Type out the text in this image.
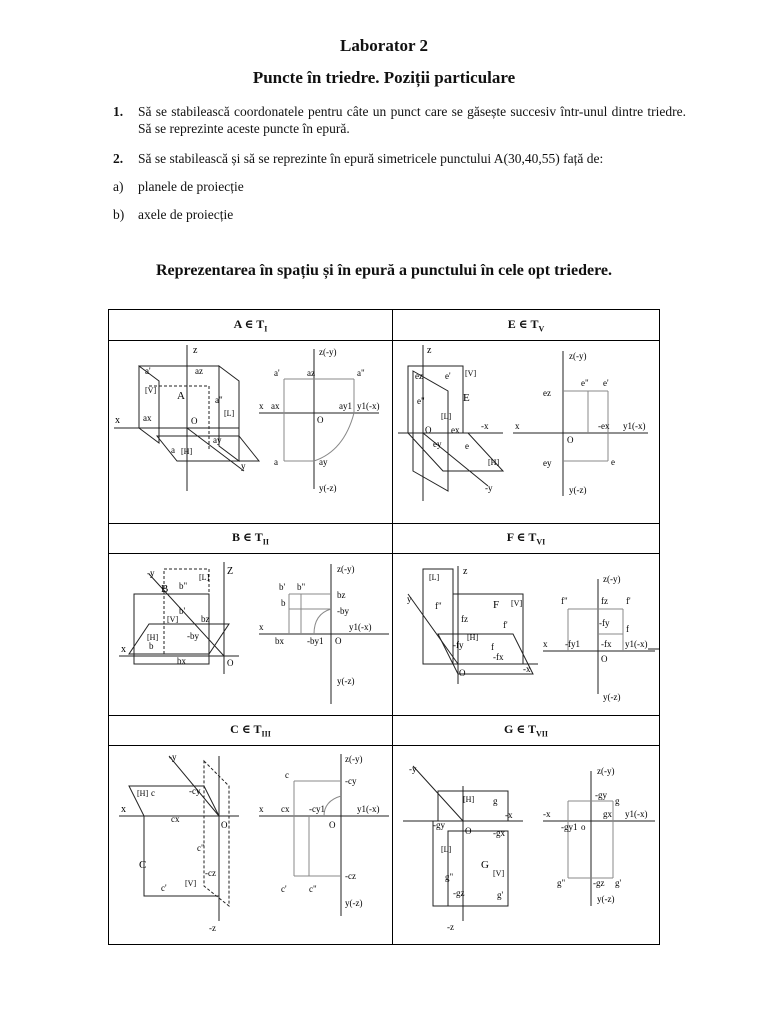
Laborator 2
Puncte în triedre. Poziții particulare
1. Să se stabilească coordonatele pentru câte un punct care se găsește succesiv într-unul dintre triedre. Să se reprezinte aceste puncte în epură.
2. Să se stabilească și să se reprezinte în epură simetricele punctului A(30,40,55) față de:
a) planele de proiecție
b) axele de proiecție
Reprezentarea în spațiu și în epură a punctului în cele opt triedere.
A ∈ $T_I$	E ∈ $T_V$
B ∈ $T_{II}$	F ∈ $T_{VI}$
C ∈ $T_{III}$	G ∈ $T_{VII}$
z
x
y
A
[V]
[H]
[L]
O
a'	az
a"
ax
ay
a
z(-y)
y(-z)
y1(-x)
x
O
a'	az	a"
ax	ay1
a	ay
z
-x
-y
E
[V]
[L]
[H]
O
ez e'
e"
ex
ey	e
z(-y)
y(-z)
y1(-x)
x
O
ez
e" e'
-ex
ey	e
Z
x
-y
O
B
[L]
[V]
[H]
b"
b'
bz
-by
b
bx
z(-y)
y(-z)
y1(-x)
x
O
b' b"
bz
-by
b
bx	-by1
z
y
-x
O
[L]
[V]
[H]
F
f"
fz
f'
-fy	f
-fx
z(-y)
y(-z)
y1(-x)
x
O
f"	fz f'
-fy
f
-fy1 -fx
x
-y
O
-z
[H]
[V]
C
c	-cy
cx
c"
c'
-cz
z(-y)
y(-z)
y1(-x)
x
O
c
-cy
cx -cy1
-cz
c' c"
-y
-x
-z
O
[H]
[L]
[V]
G
g
-gy
-gx
g"
-gz	g'
z(-y)
y(-z)
y1(-x)
-x
o
-gy
g
gx
-gy1
g"	-gz g'
